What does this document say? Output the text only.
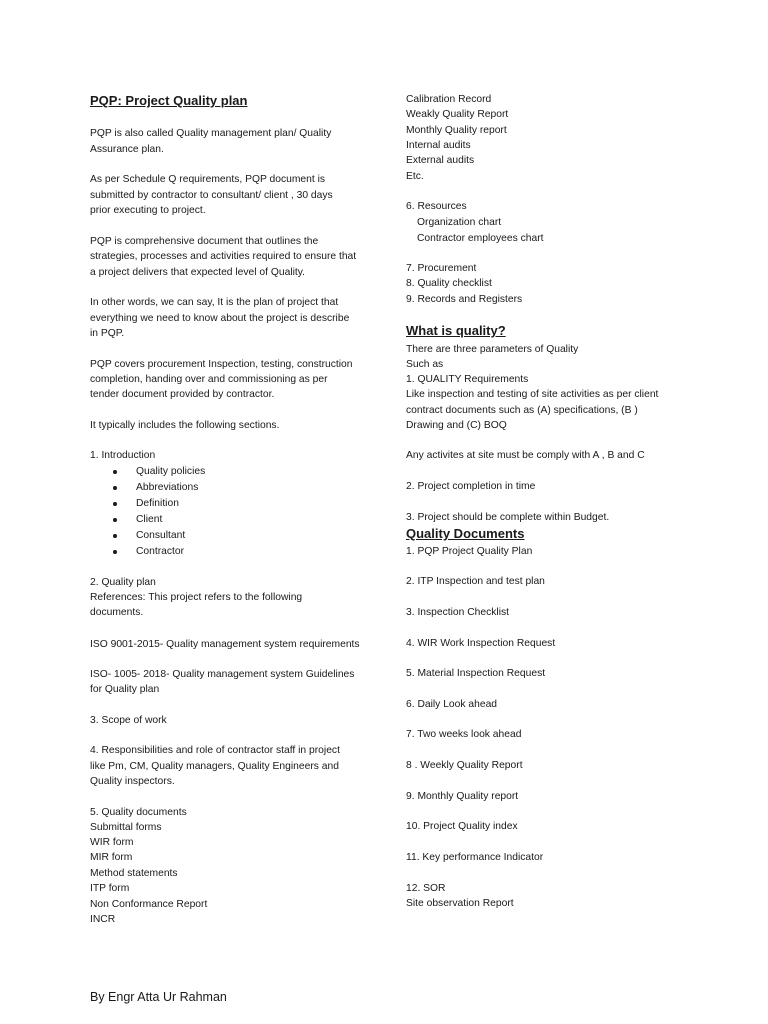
PQP: Project Quality plan
PQP is also called Quality management plan/ Quality
Assurance plan.
As per Schedule Q requirements, PQP document is
submitted by contractor to consultant/ client , 30 days
prior executing to project.
PQP is comprehensive document that outlines the
strategies, processes and activities required to ensure that
a project delivers that expected level of Quality.
In other words, we can say, It is the plan of project that
everything we need to know about the project is describe
in PQP.
PQP covers procurement Inspection, testing, construction
completion, handing over and commissioning as per
tender document provided by contractor.
It typically includes the following sections.
1. Introduction
Quality policies
Abbreviations
Definition
Client
Consultant
Contractor
2. Quality plan
References: This project refers to the following
documents.
ISO 9001-2015- Quality management system requirements
ISO- 1005- 2018- Quality management system Guidelines
for Quality plan
3. Scope of work
4. Responsibilities and role of contractor staff in project
like Pm, CM, Quality managers, Quality Engineers and
Quality inspectors.
5. Quality documents
Submittal forms
WIR form
MIR form
Method statements
ITP form
Non Conformance Report
INCR
Calibration Record
Weakly Quality Report
Monthly Quality report
Internal audits
External audits
Etc.
6. Resources
Organization chart
Contractor employees chart
7. Procurement
8. Quality checklist
9. Records and Registers
What is quality?
There are three parameters of Quality
Such as
1. QUALITY Requirements
Like inspection and testing of site activities as per client
contract documents such as (A) specifications, (B )
Drawing and (C) BOQ
Any activites at site must be comply with A , B and C
2. Project completion in time
3. Project should be complete within Budget.
Quality Documents
1. PQP Project Quality Plan
2. ITP Inspection and test plan
3. Inspection Checklist
4. WIR Work Inspection Request
5. Material Inspection Request
6. Daily Look ahead
7. Two weeks look ahead
8 . Weekly Quality Report
9. Monthly Quality report
10. Project Quality index
11. Key performance Indicator
12. SOR
Site observation Report
By Engr Atta Ur Rahman
